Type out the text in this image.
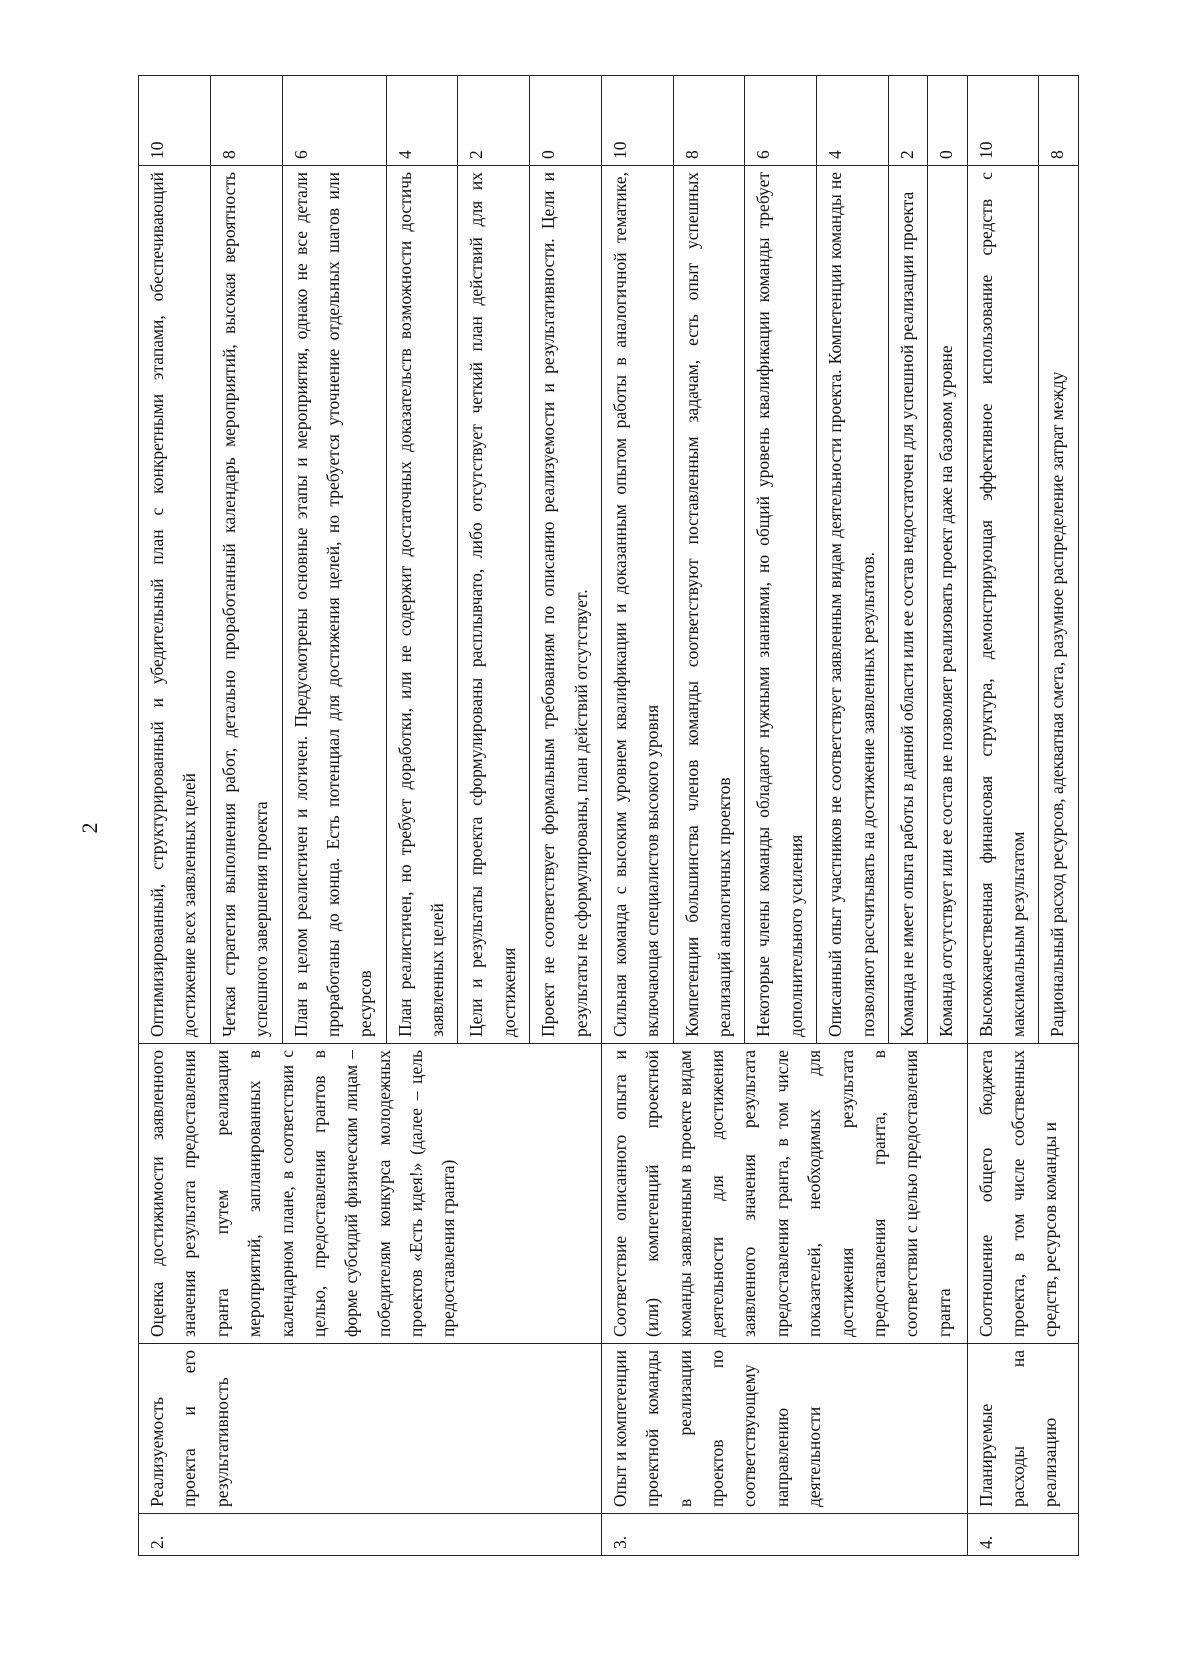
2
2.	Реализуемость проекта и его результативность	Оценка достижимости заявленного значения результата предоставления гранта путем реализации мероприятий, запланированных в календарном плане, в соответствии с целью, предоставления грантов в форме субсидий физическим лицам – победителям конкурса молодежных проектов «Есть идея!» (далее – цель предоставления гранта)	Оптимизированный, структурированный и убедительный план с конкретными этапами, обеспечивающий достижение всех заявленных целей	10
			Четкая стратегия выполнения работ, детально проработанный календарь мероприятий, высокая вероятность успешного завершения проекта	8
			План в целом реалистичен и логичен. Предусмотрены основные этапы и мероприятия, однако не все детали проработаны до конца. Есть потенциал для достижения целей, но требуется уточнение отдельных шагов или ресурсов	6
			План реалистичен, но требует доработки, или не содержит достаточных доказательств возможности достичь заявленных целей	4
			Цели и результаты проекта сформулированы расплывчато, либо отсутствует четкий план действий для их достижения	2
			Проект не соответствует формальным требованиям по описанию реализуемости и результативности. Цели и результаты не сформулированы, план действий отсутствует.	0
3.	Опыт и компетенции проектной команды в реализации проектов по соответствующему направлению деятельности	Соответствие описанного опыта и (или) компетенций проектной команды заявленным в проекте видам деятельности для достижения заявленного значения результата предоставления гранта, в том числе показателей, необходимых для достижения результата предоставления гранта, в соответствии с целью предоставления гранта	Сильная команда с высоким уровнем квалификации и доказанным опытом работы в аналогичной тематике, включающая специалистов высокого уровня	10
			Компетенции большинства членов команды соответствуют поставленным задачам, есть опыт успешных реализаций аналогичных проектов	8
			Некоторые члены команды обладают нужными знаниями, но общий уровень квалификации команды требует дополнительного усиления	6
			Описанный опыт участников не соответствует заявленным видам деятельности проекта. Компетенции команды не позволяют рассчитывать на достижение заявленных результатов.	4
			Команда не имеет опыта работы в данной области или ее состав недостаточен для успешной реализации проекта	2
			Команда отсутствует или ее состав не позволяет реализовать проект даже на базовом уровне	0
4.	Планируемые расходы на реализацию	Соотношение общего бюджета проекта, в том числе собственных средств, ресурсов команды и	Высококачественная финансовая структура, демонстрирующая эффективное использование средств с максимальным результатом	10
			Рациональный расход ресурсов, адекватная смета, разумное распределение затрат между	8
